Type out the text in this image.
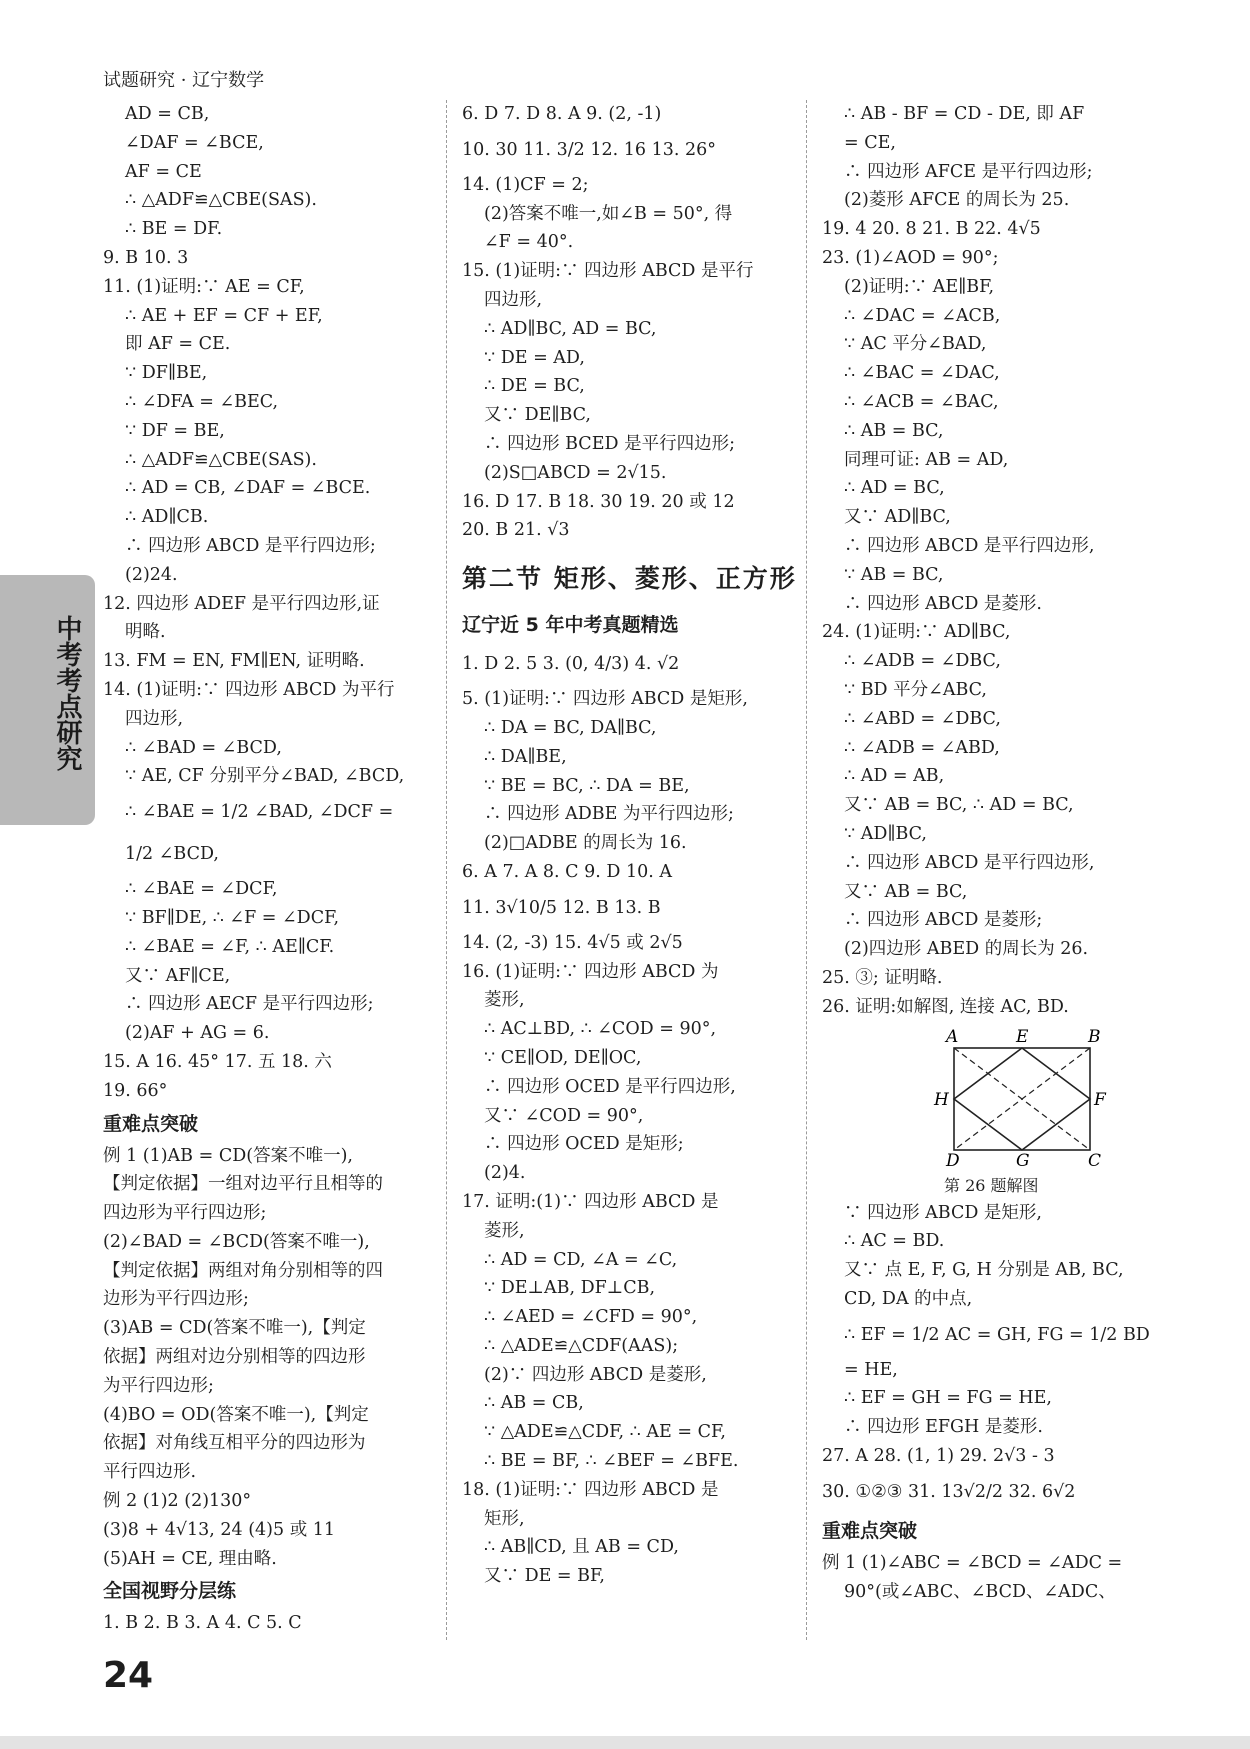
试题研究 · 辽宁数学
中考考点研究
AD = CB,
∠DAF = ∠BCE,
AF = CE
∴ △ADF≌△CBE(SAS).
∴ BE = DF.
9. B 10. 3
11. (1)证明:∵ AE = CF,
∴ AE + EF = CF + EF,
即 AF = CE.
∵ DF∥BE,
∴ ∠DFA = ∠BEC,
∵ DF = BE,
∴ △ADF≌△CBE(SAS).
∴ AD = CB, ∠DAF = ∠BCE.
∴ AD∥CB.
∴ 四边形 ABCD 是平行四边形;
(2)24.
12. 四边形 ADEF 是平行四边形,证
明略.
13. FM = EN, FM∥EN, 证明略.
14. (1)证明:∵ 四边形 ABCD 为平行
四边形,
∴ ∠BAD = ∠BCD,
∵ AE, CF 分别平分∠BAD, ∠BCD,
∴ ∠BAE = 1/2 ∠BAD, ∠DCF =
1/2 ∠BCD,
∴ ∠BAE = ∠DCF,
∵ BF∥DE, ∴ ∠F = ∠DCF,
∴ ∠BAE = ∠F, ∴ AE∥CF.
又∵ AF∥CE,
∴ 四边形 AECF 是平行四边形;
(2)AF + AG = 6.
15. A 16. 45° 17. 五 18. 六
19. 66°
重难点突破
例 1 (1)AB = CD(答案不唯一),
【判定依据】一组对边平行且相等的
四边形为平行四边形;
(2)∠BAD = ∠BCD(答案不唯一),
【判定依据】两组对角分别相等的四
边形为平行四边形;
(3)AB = CD(答案不唯一),【判定
依据】两组对边分别相等的四边形
为平行四边形;
(4)BO = OD(答案不唯一),【判定
依据】对角线互相平分的四边形为
平行四边形.
例 2 (1)2 (2)130°
(3)8 + 4√13, 24 (4)5 或 11
(5)AH = CE, 理由略.
全国视野分层练
1. B 2. B 3. A 4. C 5. C
6. D 7. D 8. A 9. (2, -1)
10. 30 11. 3/2 12. 16 13. 26°
14. (1)CF = 2;
(2)答案不唯一,如∠B = 50°, 得
∠F = 40°.
15. (1)证明:∵ 四边形 ABCD 是平行
四边形,
∴ AD∥BC, AD = BC,
∵ DE = AD,
∴ DE = BC,
又∵ DE∥BC,
∴ 四边形 BCED 是平行四边形;
(2)S□ABCD = 2√15.
16. D 17. B 18. 30 19. 20 或 12
20. B 21. √3
第二节 矩形、菱形、正方形
辽宁近 5 年中考真题精选
1. D 2. 5 3. (0, 4/3) 4. √2
5. (1)证明:∵ 四边形 ABCD 是矩形,
∴ DA = BC, DA∥BC,
∴ DA∥BE,
∵ BE = BC, ∴ DA = BE,
∴ 四边形 ADBE 为平行四边形;
(2)□ADBE 的周长为 16.
6. A 7. A 8. C 9. D 10. A
11. 3√10/5 12. B 13. B
14. (2, -3) 15. 4√5 或 2√5
16. (1)证明:∵ 四边形 ABCD 为
菱形,
∴ AC⊥BD, ∴ ∠COD = 90°,
∵ CE∥OD, DE∥OC,
∴ 四边形 OCED 是平行四边形,
又∵ ∠COD = 90°,
∴ 四边形 OCED 是矩形;
(2)4.
17. 证明:(1)∵ 四边形 ABCD 是
菱形,
∴ AD = CD, ∠A = ∠C,
∵ DE⊥AB, DF⊥CB,
∴ ∠AED = ∠CFD = 90°,
∴ △ADE≌△CDF(AAS);
(2)∵ 四边形 ABCD 是菱形,
∴ AB = CB,
∵ △ADE≌△CDF, ∴ AE = CF,
∴ BE = BF, ∴ ∠BEF = ∠BFE.
18. (1)证明:∵ 四边形 ABCD 是
矩形,
∴ AB∥CD, 且 AB = CD,
又∵ DE = BF,
∴ AB - BF = CD - DE, 即 AF
= CE,
∴ 四边形 AFCE 是平行四边形;
(2)菱形 AFCE 的周长为 25.
19. 4 20. 8 21. B 22. 4√5
23. (1)∠AOD = 90°;
(2)证明:∵ AE∥BF,
∴ ∠DAC = ∠ACB,
∵ AC 平分∠BAD,
∴ ∠BAC = ∠DAC,
∴ ∠ACB = ∠BAC,
∴ AB = BC,
同理可证: AB = AD,
∴ AD = BC,
又∵ AD∥BC,
∴ 四边形 ABCD 是平行四边形,
∵ AB = BC,
∴ 四边形 ABCD 是菱形.
24. (1)证明:∵ AD∥BC,
∴ ∠ADB = ∠DBC,
∵ BD 平分∠ABC,
∴ ∠ABD = ∠DBC,
∴ ∠ADB = ∠ABD,
∴ AD = AB,
又∵ AB = BC, ∴ AD = BC,
∵ AD∥BC,
∴ 四边形 ABCD 是平行四边形,
又∵ AB = BC,
∴ 四边形 ABCD 是菱形;
(2)四边形 ABED 的周长为 26.
25. ③; 证明略.
26. 证明:如解图, 连接 AC, BD.
A	E	B
H	F
D	G	C
第 26 题解图
∵ 四边形 ABCD 是矩形,
∴ AC = BD.
又∵ 点 E, F, G, H 分别是 AB, BC,
CD, DA 的中点,
∴ EF = 1/2 AC = GH, FG = 1/2 BD
= HE,
∴ EF = GH = FG = HE,
∴ 四边形 EFGH 是菱形.
27. A 28. (1, 1) 29. 2√3 - 3
30. ①②③ 31. 13√2/2 32. 6√2
重难点突破
例 1 (1)∠ABC = ∠BCD = ∠ADC =
90°(或∠ABC、∠BCD、∠ADC、
24
